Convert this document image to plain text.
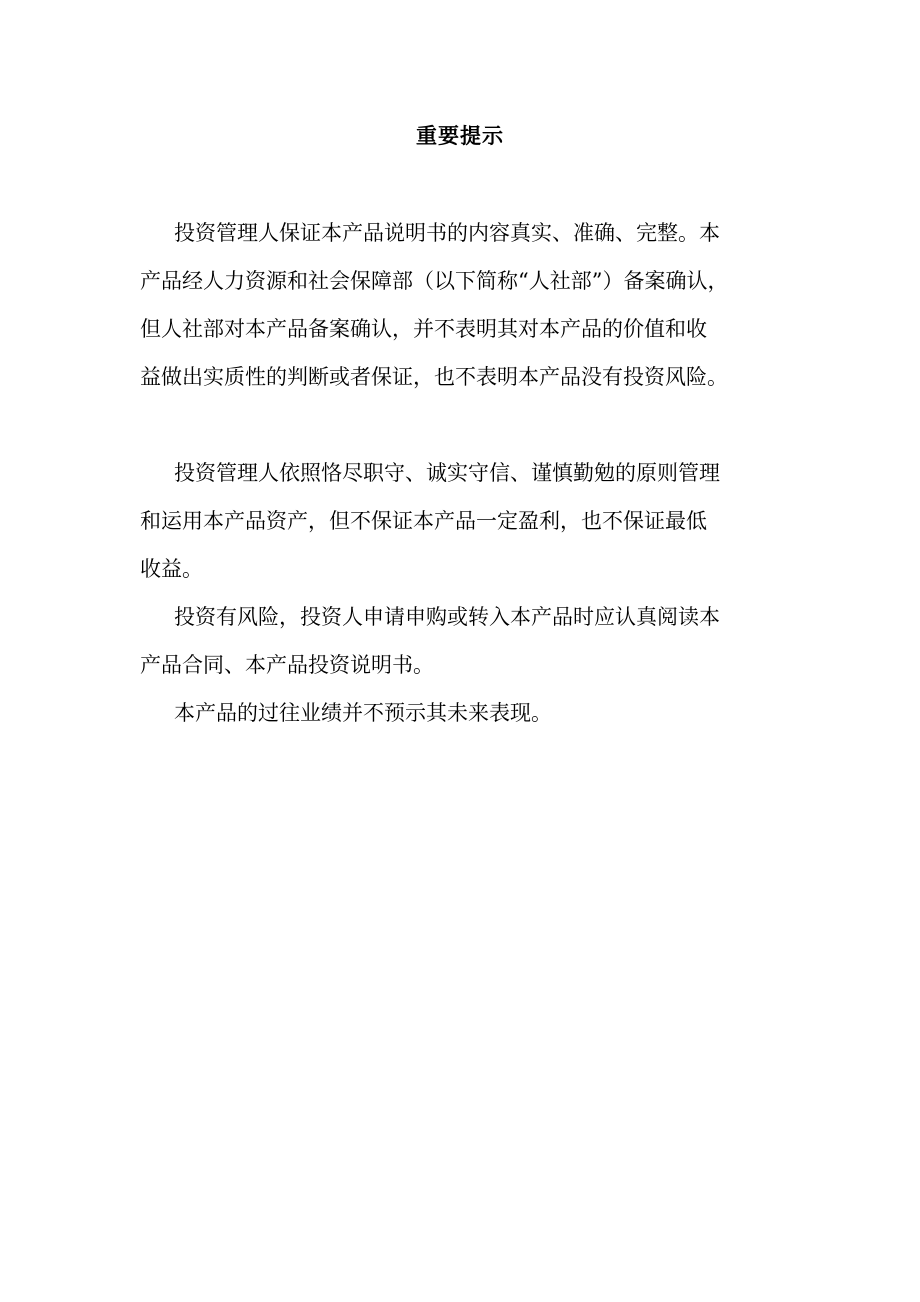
重要提示
投资管理人保证本产品说明书的内容真实、准确、完整。本
产品经人力资源和社会保障部（以下简称“人社部”）备案确认，
但人社部对本产品备案确认，并不表明其对本产品的价值和收
益做出实质性的判断或者保证，也不表明本产品没有投资风险。
投资管理人依照恪尽职守、诚实守信、谨慎勤勉的原则管理
和运用本产品资产，但不保证本产品一定盈利，也不保证最低
收益。
投资有风险，投资人申请申购或转入本产品时应认真阅读本
产品合同、本产品投资说明书。
本产品的过往业绩并不预示其未来表现。
